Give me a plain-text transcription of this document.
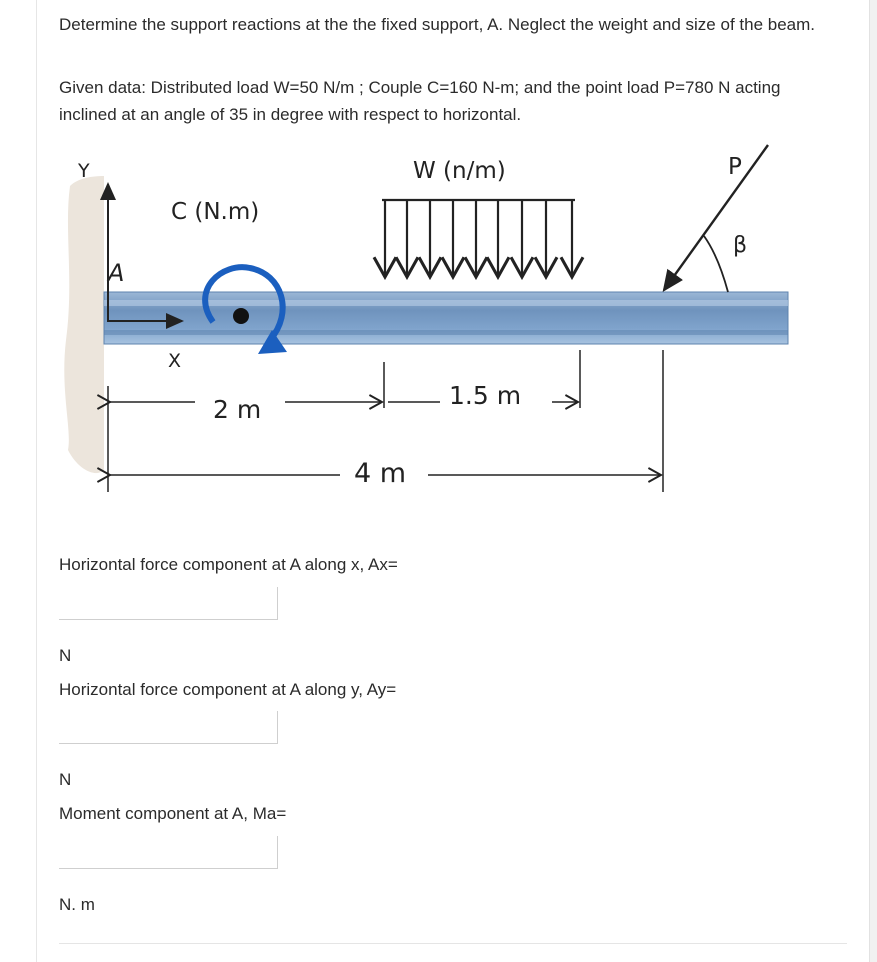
Determine the support reactions at the the fixed support, A. Neglect the weight and size of the beam.

Given data: Distributed load W=50 N/m ; Couple C=160 N-m; and the point load P=780 N acting inclined at an angle of 35 in degree with respect to horizontal.

Y
X
A
C (N.m)
W (n/m)	P
β
2 m	1.5 m
4 m
Horizontal force component at A along x, Ax=
N
Horizontal force component at A along y, Ay=
N
Moment component at A, Ma=
N. m
